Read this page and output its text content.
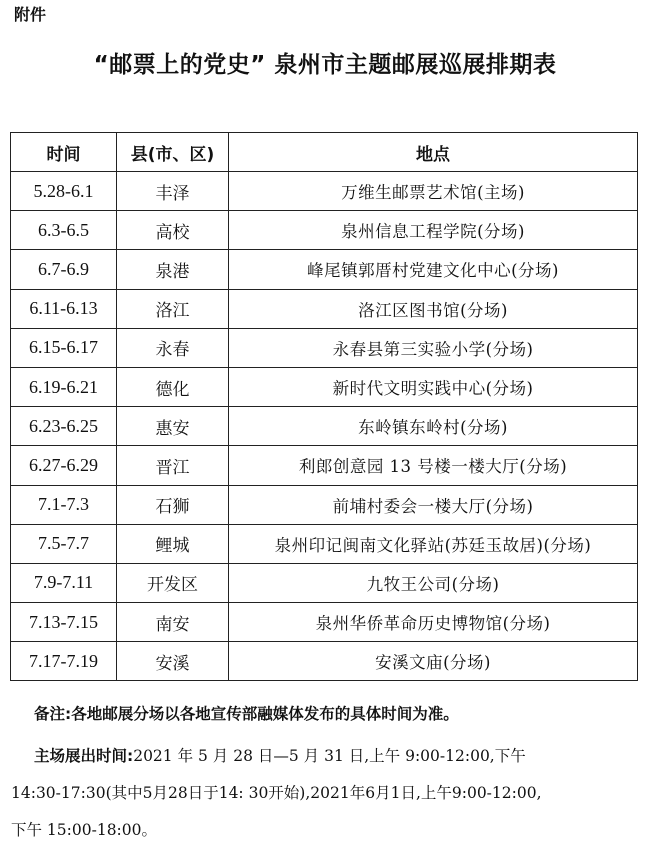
附件
“邮票上的党史” 泉州市主题邮展巡展排期表
时间	县(市、区)	地点
5.28-6.1	丰泽	万维生邮票艺术馆(主场)
6.3-6.5	高校	泉州信息工程学院(分场)
6.7-6.9	泉港	峰尾镇郭厝村党建文化中心(分场)
6.11-6.13	洛江	洛江区图书馆(分场)
6.15-6.17	永春	永春县第三实验小学(分场)
6.19-6.21	德化	新时代文明实践中心(分场)
6.23-6.25	惠安	东岭镇东岭村(分场)
6.27-6.29	晋江	利郎创意园 13 号楼一楼大厅(分场)
7.1-7.3	石狮	前埔村委会一楼大厅(分场)
7.5-7.7	鲤城	泉州印记闽南文化驿站(苏廷玉故居)(分场)
7.9-7.11	开发区	九牧王公司(分场)
7.13-7.15	南安	泉州华侨革命历史博物馆(分场)
7.17-7.19	安溪	安溪文庙(分场)
备注:各地邮展分场以各地宣传部融媒体发布的具体时间为准。
主场展出时间:2021 年 5 月 28 日—5 月 31 日,上午 9:00-12:00,下午
14:30-17:30(其中5月28日于14: 30开始),2021年6月1日,上午9:00-12:00,
下午 15:00-18:00。
